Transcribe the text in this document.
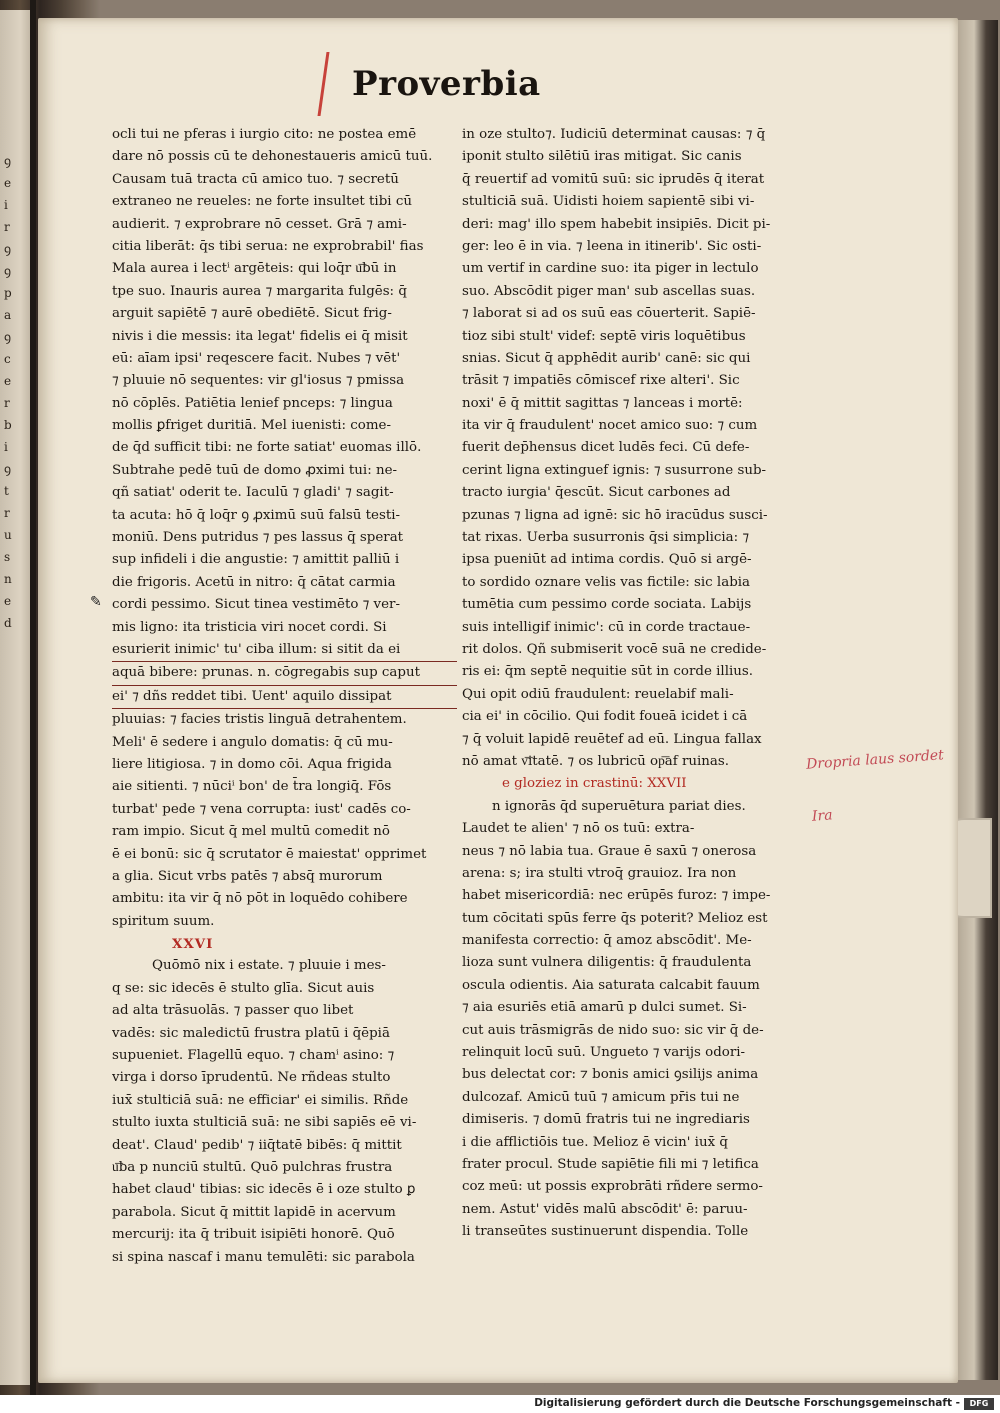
ꝯ
e
i
r
ꝯ
ꝯ
p
a
ꝯ
c
e
r
b
i
ꝯ
t
r
u
s
n
e
d
Proverbia
ocli tui ne pferas i iurgio cito: ne postea emē
dare nō possis cū te dehonestaueris amicū tuū.
Causam tuā tracta cū amico tuo. ⁊ secretū
extraneo ne reueles: ne forte insultet tibi cū
audierit. ⁊ exprobrare nō cesset. Grā ⁊ ami-
citia liberāt: q̄s tibi serua: ne exprobrabil' fias
Mala aurea i lectⁱ argēteis: qui loq̄r u͞bū in
tpe suo. Inauris aurea ⁊ margarita fulgēs: q̄
arguit sapiētē ⁊ aurē obediētē. Sicut frig-
nivis i die messis: ita legat' fidelis ei q̄ misit
eū: aīam ipsi' reqescere facit. Nubes ⁊ vēt'
⁊ pluuie nō sequentes: vir gl'iosus ⁊ pmissa
nō cōplēs. Patiētia lenief pnceps: ⁊ lingua
mollis ꝑfriget duritiā. Mel iuenisti: come-
de q̄d sufficit tibi: ne forte satiat' euomas illō.
Subtrahe pedē tuū de domo ꝓximi tui: ne-
qñ satiat' oderit te. Iaculū ⁊ gladi' ⁊ sagit-
ta acuta: hō q̄ loq̄r ꝯ ꝓximū suū falsū testi-
moniū. Dens putridus ⁊ pes lassus q̄ sperat
sup infideli i die angustie: ⁊ amittit palliū i
die frigoris. Acetū in nitro: q̄ cātat carmia
cordi pessimo. Sicut tinea vestimēto ⁊ ver-
mis ligno: ita tristicia viri nocet cordi. Si
esurierit inimic' tu' ciba illum: si sitit da ei
aquā bibere: prunas. n. cōgregabis sup caput
ei' ⁊ dñs reddet tibi. Uent' aquilo dissipat
pluuias: ⁊ facies tristis linguā detrahentem.
Meli' ē sedere i angulo domatis: q̄ cū mu-
liere litigiosa. ⁊ in domo cōi. Aqua frigida
aie sitienti. ⁊ nūciⁱ bon' de t̄ra longiq̄. Fōs
turbat' pede ⁊ vena corrupta: iust' cadēs co-
ram impio. Sicut q̄ mel multū comedit nō
ē ei bonū: sic q̄ scrutator ē maiestat' opprimet
a glia. Sicut vrbs patēs ⁊ absq̄ murorum
ambitu: ita vir q̄ nō pōt in loquēdo cohibere
spiritum suum.
XXVI
Quōmō nix i estate. ⁊ pluuie i mes-
q se: sic idecēs ē stulto glīa. Sicut auis
ad alta trāsuolās. ⁊ passer quo libet
vadēs: sic maledictū frustra platū i q̄ēpiā
supueniet. Flagellū equo. ⁊ chamⁱ asino: ⁊
virga i dorso īprudentū. Ne rñdeas stulto
iux̄ stulticiā suā: ne efficiar' ei similis. Rñde
stulto iuxta stulticiā suā: ne sibi sapiēs eē vi-
deat'. Claud' pedib' ⁊ iiq̄tatē bibēs: q̄ mittit
u͞ba p nunciū stultū. Quō pulchras frustra
habet claud' tibias: sic idecēs ē i oze stulto ꝑ
parabola. Sicut q̄ mittit lapidē in acervum
mercurij: ita q̄ tribuit isipiēti honorē. Quō
si spina nascaf i manu temulēti: sic parabola
in oze stulto⁊. Iudiciū determinat causas: ⁊ q̄
iponit stulto silētiū iras mitigat. Sic canis
q̄ reuertif ad vomitū suū: sic iprudēs q̄ iterat
stulticiā suā. Uidisti hoiem sapientē sibi vi-
deri: mag' illo spem habebit insipiēs. Dicit pi-
ger: leo ē in via. ⁊ leena in itinerib'. Sic osti-
um vertif in cardine suo: ita piger in lectulo
suo. Abscōdit piger man' sub ascellas suas.
⁊ laborat si ad os suū eas cōuerterit. Sapiē-
tioz sibi stult' videf: septē viris loquētibus
snias. Sicut q̄ apphēdit aurib' canē: sic qui
trāsit ⁊ impatiēs cōmiscef rixe alteri'. Sic
noxi' ē q̄ mittit sagittas ⁊ lanceas i mortē:
ita vir q̄ fraudulent' nocet amico suo: ⁊ cum
fuerit dep̄hensus dicet ludēs feci. Cū defe-
cerint ligna extinguef ignis: ⁊ susurrone sub-
tracto iurgia' q̄escūt. Sicut carbones ad
pzunas ⁊ ligna ad ignē: sic hō iracūdus susci-
tat rixas. Uerba susurronis q̄si simplicia: ⁊
ipsa pueniūt ad intima cordis. Quō si argē-
to sordido oznare velis vas fictile: sic labia
tumētia cum pessimo corde sociata. Labijs
suis intelligif inimic': cū in corde tractaue-
rit dolos. Qñ submiserit vocē suā ne credide-
ris ei: q̄m septē nequitie sūt in corde illius.
Qui opit odiū fraudulent: reuelabif mali-
cia ei' in cōcilio. Qui fodit foueā icidet i cā
⁊ q̄ voluit lapidē reuētef ad eū. Lingua fallax
nō amat v͞itatē. ⁊ os lubricū op͞af ruinas.
e gloziez in crastinū: XXVII
n ignorās q̄d superuētura pariat dies.
Laudet te alien' ⁊ nō os tuū: extra-
neus ⁊ nō labia tua. Graue ē saxū ⁊ onerosa
arena: s; ira stulti vtroq̄ grauioz. Ira non
habet misericordiā: nec erūpēs furoz: ⁊ impe-
tum cōcitati spūs ferre q̄s poterit? Melioz est
manifesta correctio: q̄ amoz abscōdit'. Me-
lioza sunt vulnera diligentis: q̄ fraudulenta
oscula odientis. Aia saturata calcabit fauum
⁊ aia esuriēs etiā amarū p dulci sumet. Si-
cut auis trāsmigrās de nido suo: sic vir q̄ de-
relinquit locū suū. Ungueto ⁊ varijs odori-
bus delectat cor: ⁊ bonis amici ꝯsilijs anima
dulcozaf. Amicū tuū ⁊ amicum pr̄is tui ne
dimiseris. ⁊ domū fratris tui ne ingrediaris
i die afflictiōis tue. Melioz ē vicin' iux̄ q̄
frater procul. Stude sapiētie fili mi ⁊ letifica
coz meū: ut possis exprobrāti rñdere sermo-
nem. Astut' vidēs malū abscōdit' ē: paruu-
li transeūtes sustinuerunt dispendia. Tolle
✎
Dropria laus sordet
Ira
Digitalisierung gefördert durch die Deutsche Forschungsgemeinschaft -	DFG
